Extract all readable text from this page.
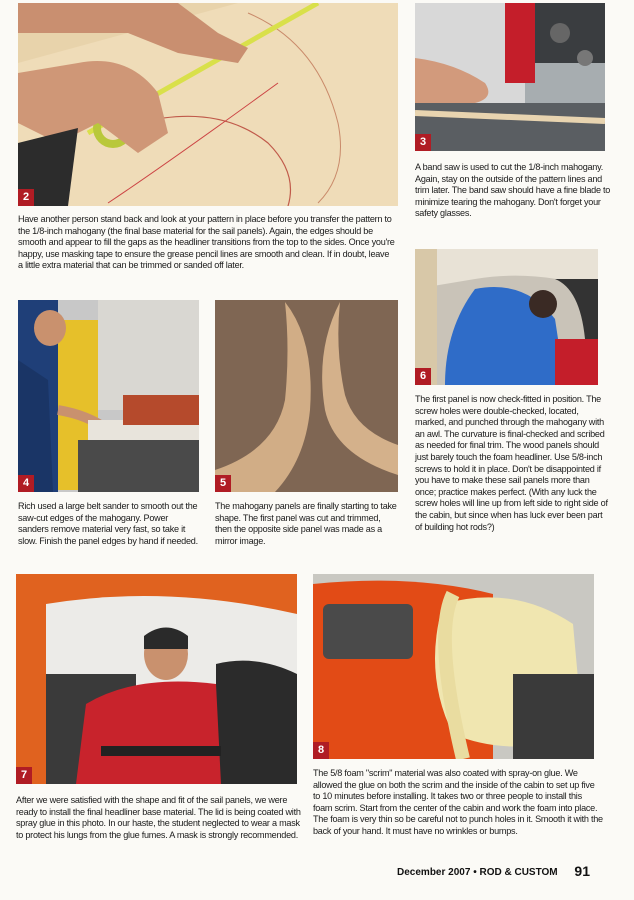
2
3

A band saw is used to cut the 1/8-inch mahogany. Again, stay on the outside of the pattern lines and trim later. The band saw should have a fine blade to minimize tearing the mahogany. Don't forget your safety glasses.

Have another person stand back and look at your pattern in place before you transfer the pattern to the 1/8-inch mahogany (the final base material for the sail panels). Again, the edges should be smooth and appear to fill the gaps as the headliner transitions from the top to the sides. Once you're happy, use masking tape to ensure the grease pencil lines are smooth and clean. If in doubt, leave a little extra material that can be trimmed or sanded off later.

6
4	5

The first panel is now check-fitted in position. The screw holes were double-checked, located, marked, and punched through the mahogany with an awl. The curvature is final-checked and scribed as needed for final trim. The wood panels should just barely touch the foam headliner. Use 5/8-inch screws to hold it in place. Don't be disappointed if you have to make these sail panels more than once; practice makes perfect. (With any luck the screw holes will line up from left side to right side of the cabin, but since when has luck ever been part of building hot rods?)

Rich used a large belt sander to smooth out the saw-cut edges of the mahogany. Power sanders remove material very fast, so take it slow. Finish the panel edges by hand if needed.

The mahogany panels are finally starting to take shape. The first panel was cut and trimmed, then the opposite side panel was made as a mirror image.

7
8

The 5/8 foam "scrim" material was also coated with spray-on glue. We allowed the glue on both the scrim and the inside of the cabin to set up five to 10 minutes before installing. It takes two or three people to install this foam scrim. Start from the center of the cabin and work the foam into place. The foam is very thin so be careful not to punch holes in it. Smooth it with the back of your hand. It must have no wrinkles or bumps.

After we were satisfied with the shape and fit of the sail panels, we were ready to install the final headliner base material. The lid is being coated with spray glue in this photo. In our haste, the student neglected to wear a mask to protect his lungs from the glue fumes. A mask is strongly recommended.

December 2007 • ROD & CUSTOM 91
